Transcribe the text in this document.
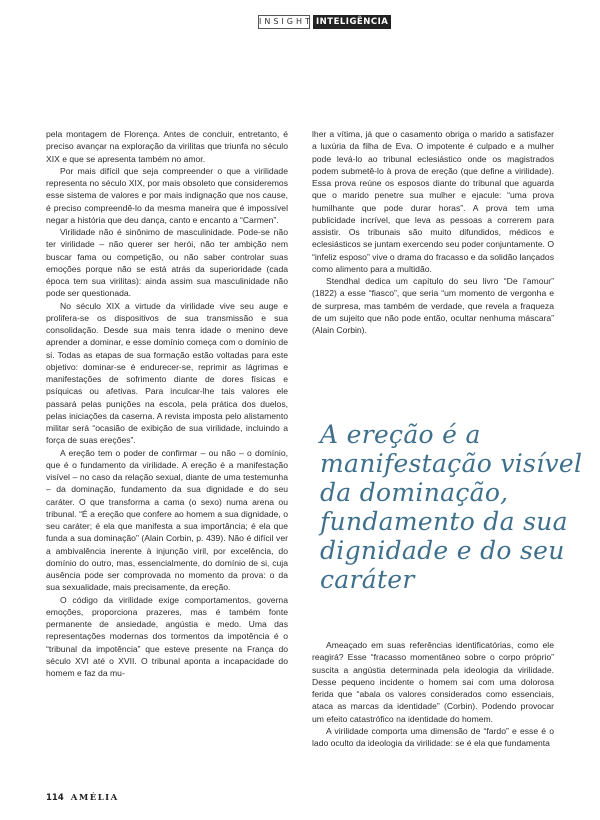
INSIGHT INTELIGÊNCIA

pela montagem de Florença. Antes de concluir, entretanto, é preciso avançar na exploração da virilitas que triunfa no século XIX e que se apresenta também no amor.

Por mais difícil que seja compreender o que a virilidade representa no século XIX, por mais obsoleto que consideremos esse sistema de valores e por mais indignação que nos cause, é preciso compreendê-lo da mesma maneira que é impossível negar a história que deu dança, canto e encanto a “Carmen”.

Virilidade não é sinônimo de masculinidade. Pode-se não ter virilidade – não querer ser herói, não ter ambição nem buscar fama ou competição, ou não saber controlar suas emoções porque não se está atrás da superioridade (cada época tem sua virilitas): ainda assim sua masculinidade não pode ser questionada.

No século XIX a virtude da virilidade vive seu auge e prolifera-se os dispositivos de sua transmissão e sua consolidação. Desde sua mais tenra idade o menino deve aprender a dominar, e esse domínio começa com o domínio de si. Todas as etapas de sua formação estão voltadas para este objetivo: dominar-se é endurecer-se, reprimir as lágrimas e manifestações de sofrimento diante de dores físicas e psíquicas ou afetivas. Para inculcar-lhe tais valores ele passará pelas punições na escola, pela prática dos duelos, pelas iniciações da caserna. A revista imposta pelo alistamento militar será “ocasião de exibição de sua virilidade, incluindo a força de suas ereções”.

A ereção tem o poder de confirmar – ou não – o domínio, que é o fundamento da virilidade. A ereção é a manifestação visível – no caso da relação sexual, diante de uma testemunha – da dominação, fundamento da sua dignidade e do seu caráter. O que transforma a cama (o sexo) numa arena ou tribunal. “É a ereção que confere ao homem a sua dignidade, o seu caráter; é ela que manifesta a sua importância; é ela que funda a sua dominação” (Alain Corbin, p. 439). Não é difícil ver a ambivalência inerente à injunção viril, por excelência, do domínio do outro, mas, essencialmente, do domínio de si, cuja ausência pode ser comprovada no momento da prova: o da sua sexualidade, mais precisamente, da ereção.

O código da virilidade exige comportamentos, governa emoções, proporciona prazeres, mas é também fonte permanente de ansiedade, angústia e medo. Uma das representações modernas dos tormentos da impotência é o “tribunal da impotência” que esteve presente na França do século XVI até o XVII. O tribunal aponta a incapacidade do homem e faz da mu-

lher a vítima, já que o casamento obriga o marido a satisfazer a luxúria da filha de Eva. O impotente é culpado e a mulher pode levá-lo ao tribunal eclesiástico onde os magistrados podem submetê-lo à prova de ereção (que define a virilidade). Essa prova reúne os esposos diante do tribunal que aguarda que o marido penetre sua mulher e ejacule: “uma prova humilhante que pode durar horas”. A prova tem uma publicidade incrível, que leva as pessoas a correrem para assistir. Os tribunais são muito difundidos, médicos e eclesiásticos se juntam exercendo seu poder conjuntamente. O “infeliz esposo” vive o drama do fracasso e da solidão lançados como alimento para a multidão.

Stendhal dedica um capítulo do seu livro “De l’amour” (1822) a esse “fiasco”, que seria “um momento de vergonha e de surpresa, mas também de verdade, que revela a fraqueza de um sujeito que não pode então, ocultar nenhuma máscara” (Alain Corbin).

A ereção é a
manifestação visível
da dominação,
fundamento da sua
dignidade e do seu
caráter

Ameaçado em suas referências identificatórias, como ele reagirá? Esse “fracasso momentâneo sobre o corpo próprio” suscita a angústia determinada pela ideologia da virilidade. Desse pequeno incidente o homem sai com uma dolorosa ferida que “abala os valores considerados como essenciais, ataca as marcas da identidade” (Corbin). Podendo provocar um efeito catastrófico na identidade do homem.

A virilidade comporta uma dimensão de “fardo” e esse é o lado oculto da ideologia da virilidade: se é ela que fundamenta

114 AMÉLIA
